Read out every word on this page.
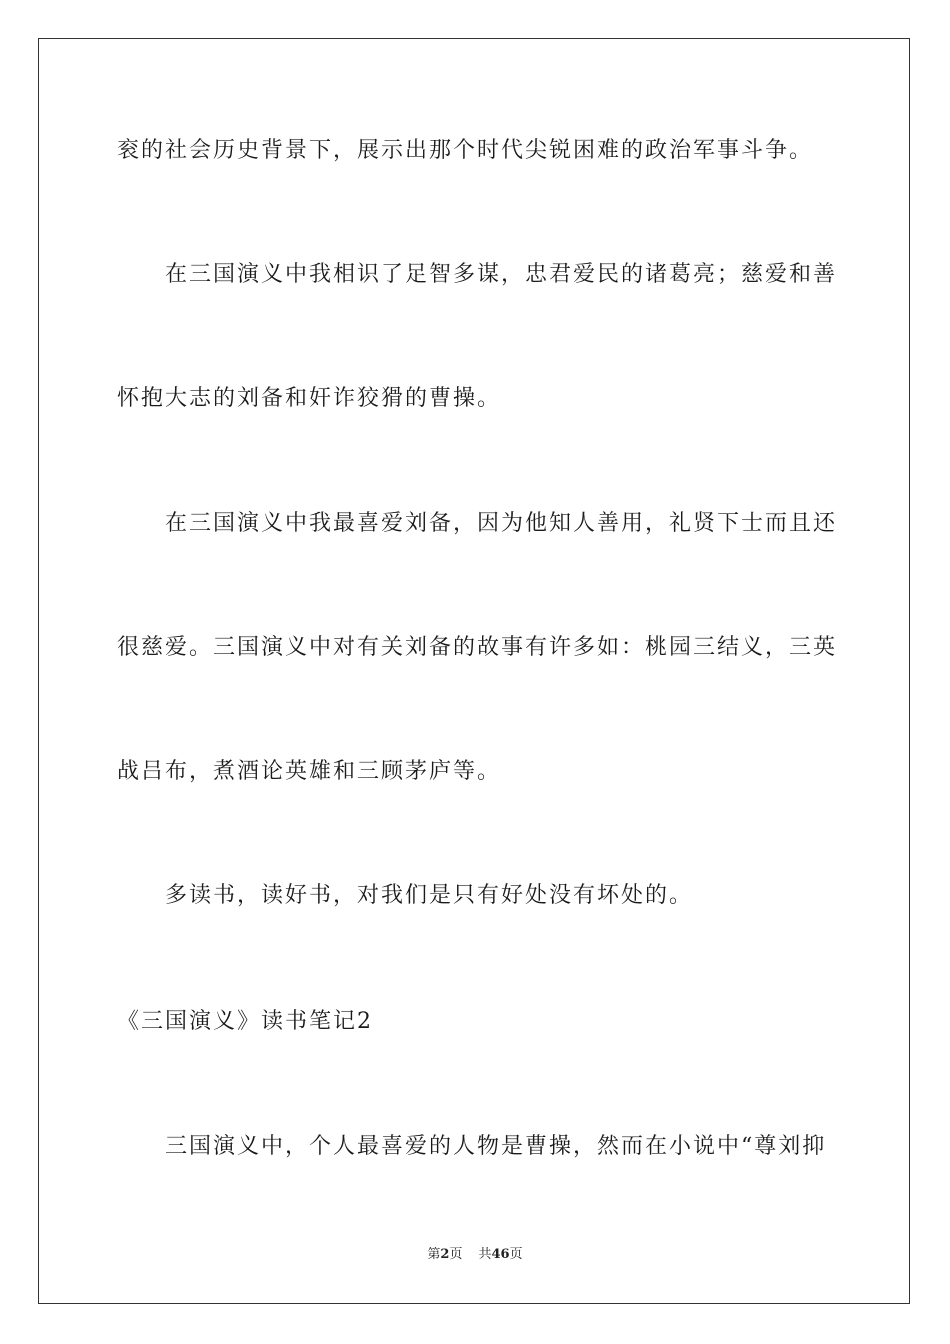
衮的社会历史背景下，展示出那个时代尖锐困难的政治军事斗争。
在三国演义中我相识了足智多谋，忠君爱民的诸葛亮；慈爱和善
怀抱大志的刘备和奸诈狡猾的曹操。
在三国演义中我最喜爱刘备，因为他知人善用，礼贤下士而且还
很慈爱。三国演义中对有关刘备的故事有许多如：桃园三结义，三英
战吕布，煮酒论英雄和三顾茅庐等。
多读书，读好书，对我们是只有好处没有坏处的。
《三国演义》读书笔记2
三国演义中，个人最喜爱的人物是曹操，然而在小说中“尊刘抑
第2页 共46页
